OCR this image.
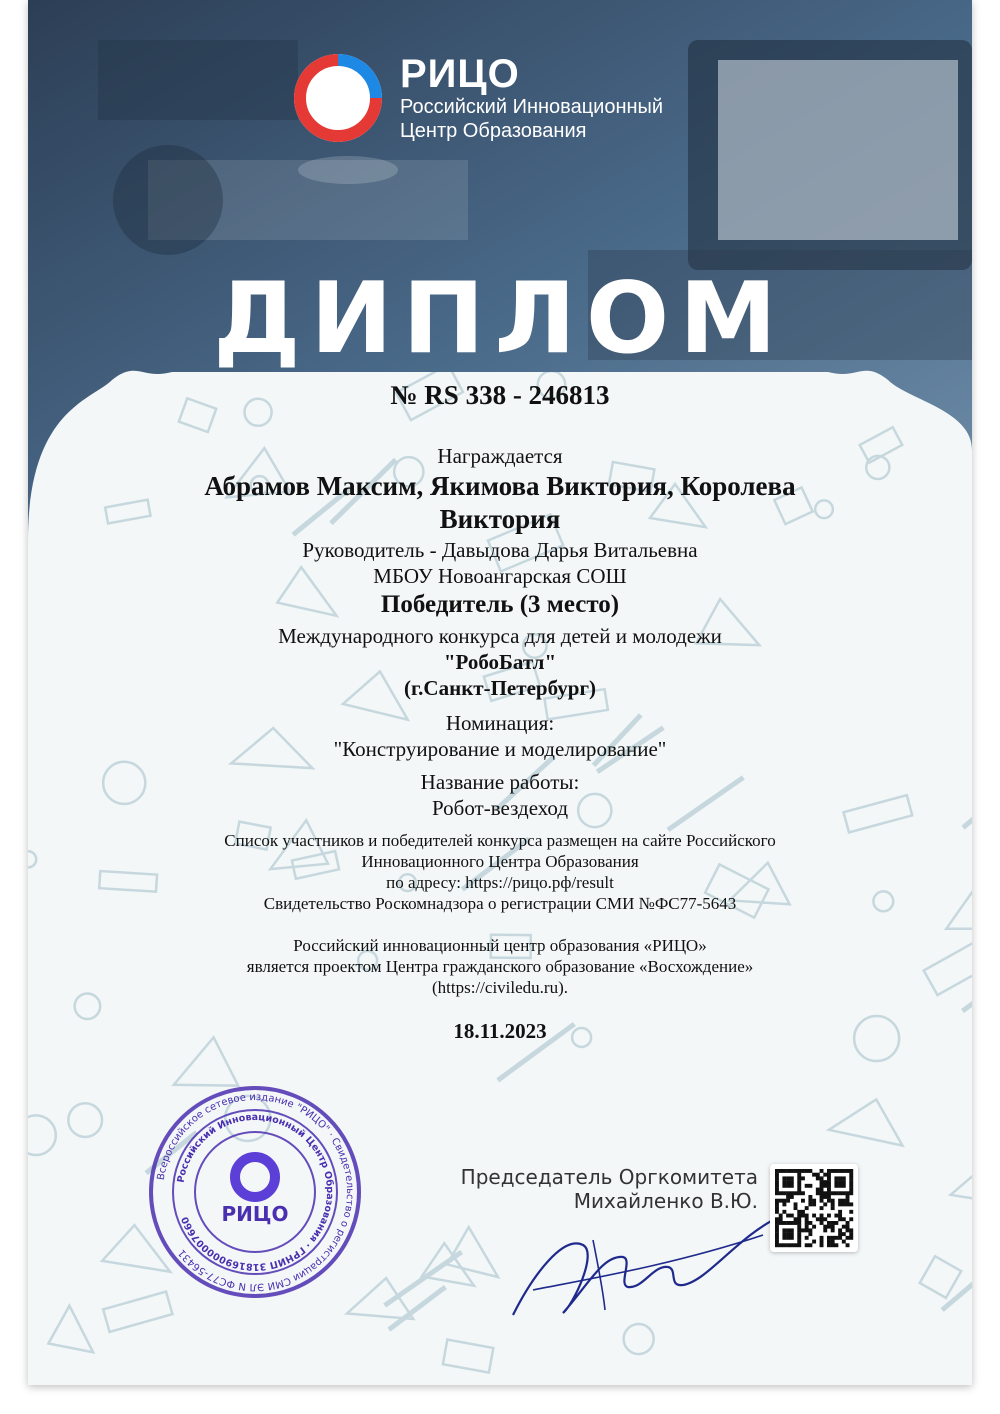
РИЦО
Российский Инновационный
Центр Образования
ДИПЛОМ
№ RS 338 - 246813
Награждается
Абрамов Максим, Якимова Виктория, Королева Виктория
Руководитель - Давыдова Дарья Витальевна
МБОУ Новоангарская СОШ
Победитель (3 место)
Международного конкурса для детей и молодежи
"РобоБатл"
(г.Санкт-Петербург)
Номинация:
"Конструирование и моделирование"
Название работы:
Робот-вездеход
Список участников и победителей конкурса размещен на сайте Российского
Инновационного Центра Образования
по адресу: https://рицо.рф/result
Свидетельство Роскомнадзора о регистрации СМИ №ФС77-5643
Российский инновационный центр образования «РИЦО»
является проектом Центра гражданского образование «Восхождение»
(https://civiledu.ru).
18.11.2023
Всероссийское сетевое издание "РИЦО" · Свидетельство о регистрации СМИ ЭЛ N ФС77-56431
Российский Инновационный Центр Образования · ГРНИП 318169000007660	РИЦО
Председатель Оргкомитета
Михайленко В.Ю.
